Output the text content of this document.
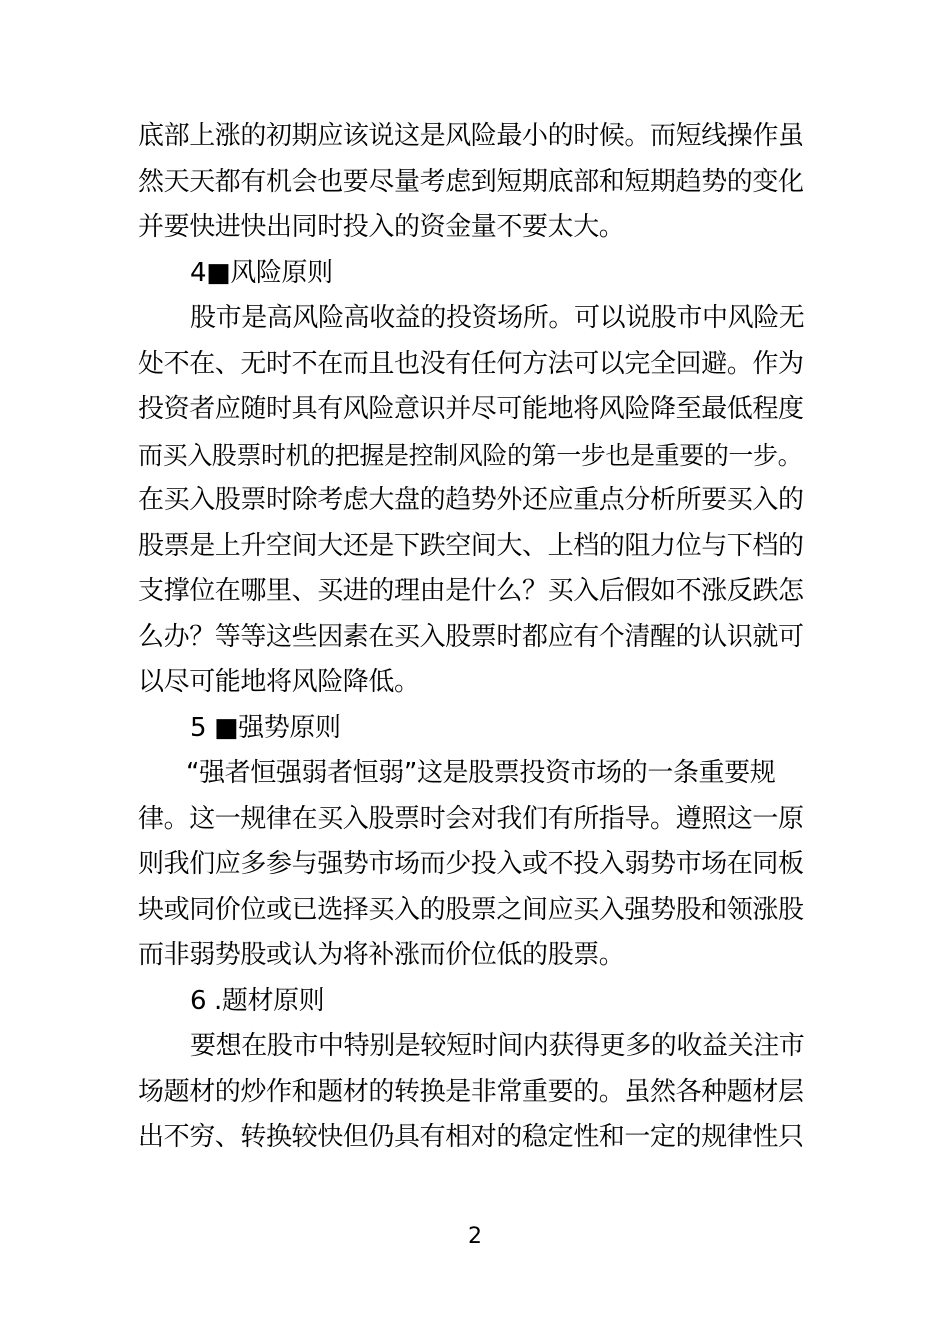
底部上涨的初期应该说这是风险最小的时候。而短线操作虽
然天天都有机会也要尽量考虑到短期底部和短期趋势的变化
并要快进快出同时投入的资金量不要太大。
4■风险原则
股市是高风险高收益的投资场所。可以说股市中风险无
处不在、无时不在而且也没有任何方法可以完全回避。作为
投资者应随时具有风险意识并尽可能地将风险降至最低程度
而买入股票时机的把握是控制风险的第一步也是重要的一步。
在买入股票时除考虑大盘的趋势外还应重点分析所要买入的
股票是上升空间大还是下跌空间大、上档的阻力位与下档的
支撑位在哪里、买进的理由是什么？买入后假如不涨反跌怎
么办？等等这些因素在买入股票时都应有个清醒的认识就可
以尽可能地将风险降低。
5 ■强势原则
“强者恒强弱者恒弱”这是股票投资市场的一条重要规
律。这一规律在买入股票时会对我们有所指导。遵照这一原
则我们应多参与强势市场而少投入或不投入弱势市场在同板
块或同价位或已选择买入的股票之间应买入强势股和领涨股
而非弱势股或认为将补涨而价位低的股票。
6 .题材原则
要想在股市中特别是较短时间内获得更多的收益关注市
场题材的炒作和题材的转换是非常重要的。虽然各种题材层
出不穷、转换较快但仍具有相对的稳定性和一定的规律性只
2
